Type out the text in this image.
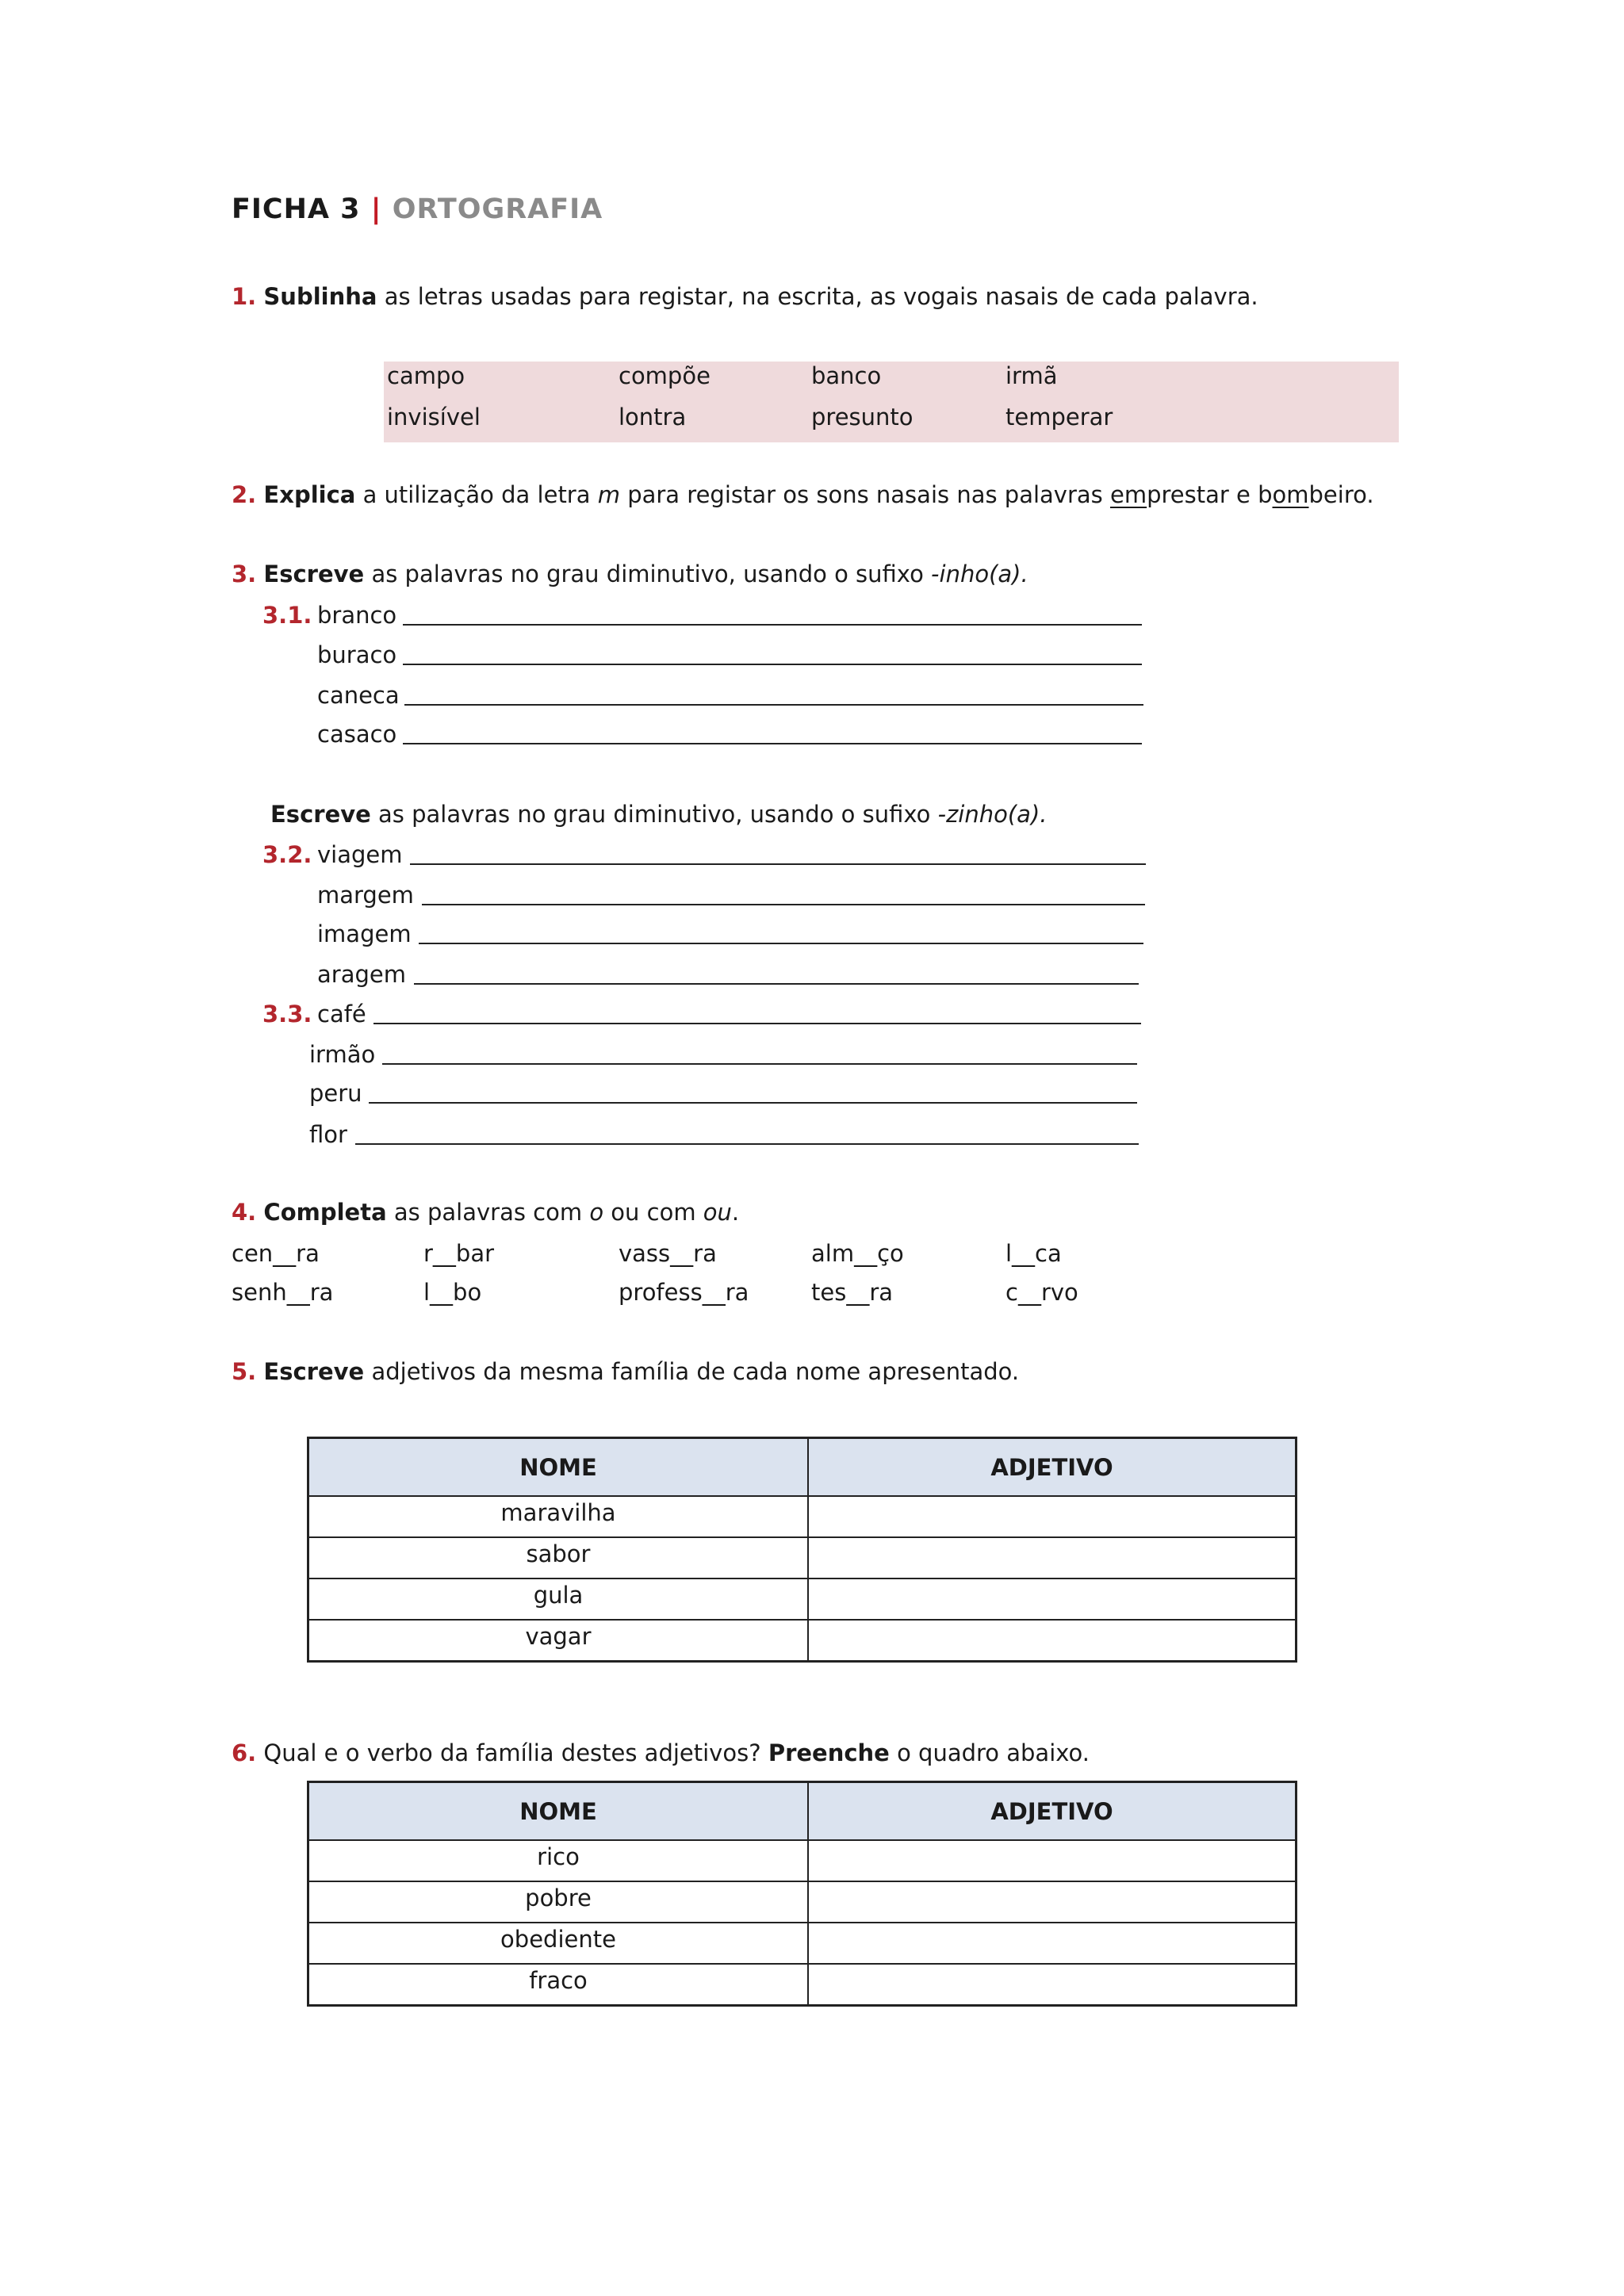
FICHA 3 | ORTOGRAFIA
1. Sublinha as letras usadas para registar, na escrita, as vogais nasais de cada palavra.
campo	compõe	banco	irmã
invisível	lontra	presunto	temperar
2. Explica a utilização da letra m para registar os sons nasais nas palavras emprestar e bombeiro.
3. Escreve as palavras no grau diminutivo, usando o sufixo -inho(a).
3.1. branco
buraco
caneca
casaco
Escreve as palavras no grau diminutivo, usando o sufixo -zinho(a).
3.2. viagem
margem
imagem
aragem
3.3. café
irmão
peru
flor
4. Completa as palavras com o ou com ou.
cen__ra	r__bar	vass__ra	alm__ço	l__ca
senh__ra	l__bo	profess__ra	tes__ra	c__rvo
5. Escreve adjetivos da mesma família de cada nome apresentado.
NOME	ADJETIVO
maravilha	
sabor	
gula	
vagar	
6. Qual e o verbo da família destes adjetivos? Preenche o quadro abaixo.
NOME	ADJETIVO
rico	
pobre	
obediente	
fraco	
